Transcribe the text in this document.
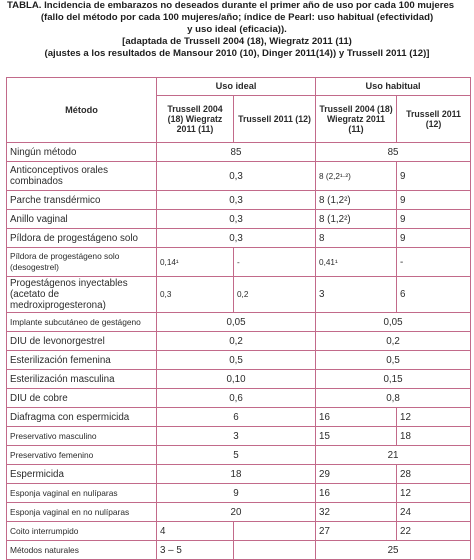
TABLA. Incidencia de embarazos no deseados durante el primer año de uso por cada 100 mujeres
(fallo del método por cada 100 mujeres/año; índice de Pearl: uso habitual (efectividad)
y uso ideal (eficacia)).
[adaptada de Trussell 2004 (18), Wiegratz 2011 (11)
(ajustes a los resultados de Mansour 2010 (10), Dinger 2011(14)) y Trussell 2011 (12)]
Método	Uso ideal		Uso habitual	
	Trussell 2004 (18) Wiegratz 2011 (11)	Trussell 2011 (12)	Trussell 2004 (18) Wiegratz 2011 (11)	Trussell 2011 (12)
Ningún método	85		85	
Anticonceptivos orales combinados	0,3		8 (2,2¹·²)	9
Parche transdérmico	0,3		8 (1,2²)	9
Anillo vaginal	0,3		8 (1,2²)	9
Píldora de progestágeno solo	0,3		8	9
Píldora de progestágeno solo (desogestrel)	0,14¹	-	0,41¹	-
Progestágenos inyectables (acetato de medroxiprogesterona)	0,3	0,2	3	6
Implante subcutáneo de gestágeno	0,05		0,05	
DIU de levonorgestrel	0,2		0,2	
Esterilización femenina	0,5		0,5	
Esterilización masculina	0,10		0,15	
DIU de cobre	0,6		0,8	
Diafragma con espermicida	6		16	12
Preservativo masculino	3		15	18
Preservativo femenino	5		21	
Espermicida	18		29	28
Esponja vaginal en nulíparas	9		16	12
Esponja vaginal en no nulíparas	20		32	24
Coito interrumpido	4		27	22
Métodos naturales	3 – 5		25	
